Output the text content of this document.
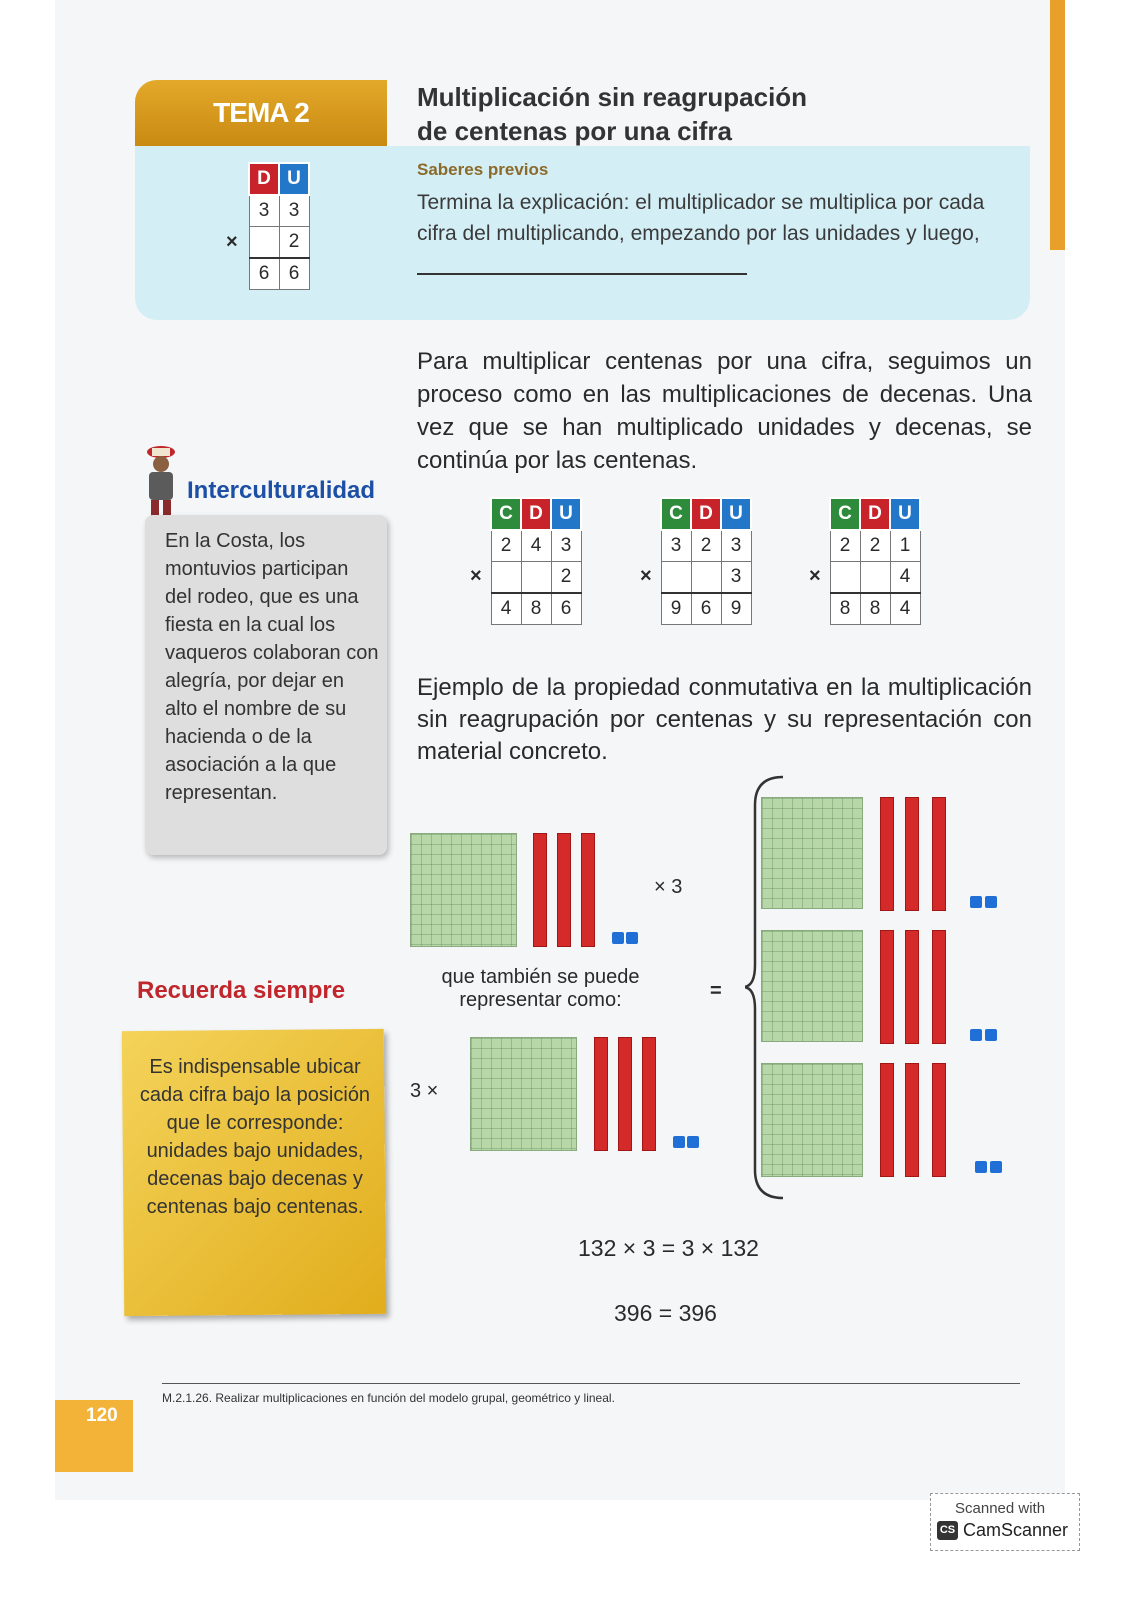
TEMA 2	Multiplicación sin reagrupación
de centenas por una cifra
Saberes previos
Termina la explicación: el multiplicador se multiplica por cada cifra del multiplicando, empezando por las unidades y luego,
D	U
3	3
	2
6	6
×
Para multiplicar centenas por una cifra, seguimos un proceso como en las multiplicaciones de decenas. Una vez que se han multiplicado unidades y decenas, se continúa por las centenas.
C	D	U
2	4	3
		2
4	8	6
×
C	D	U
3	2	3
		3
9	6	9
×
C	D	U
2	2	1
		4
8	8	4
×
Interculturalidad
En la Costa, los montuvios participan del rodeo, que es una fiesta en la cual los vaqueros colaboran con alegría, por dejar en alto el nombre de su hacienda o de la asociación a la que representan.
Ejemplo de la propiedad conmutativa en la multiplicación sin reagrupación por centenas y su representación con material concreto.
Recuerda siempre
Es indispensable ubicar cada cifra bajo la posición que le corresponde: unidades bajo unidades, decenas bajo decenas y centenas bajo centenas.
× 3
que también se puede
representar como:	=
3 ×
132 × 3 = 3 × 132
396 = 396
M.2.1.26. Realizar multiplicaciones en función del modelo grupal, geométrico y lineal.
120
Scanned with
CS CamScanner
